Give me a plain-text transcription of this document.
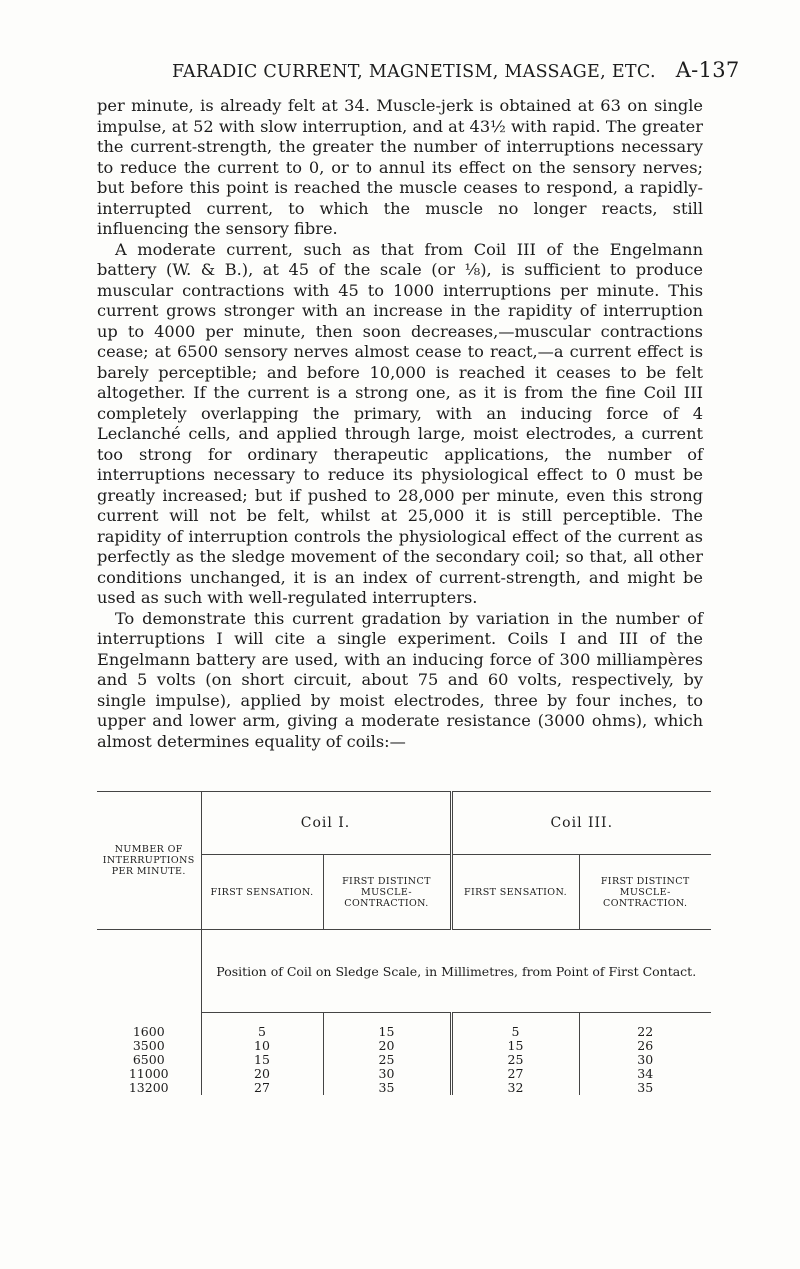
FARADIC CURRENT, MAGNETISM, MASSAGE, ETC. A-137

per minute, is already felt at 34. Muscle-jerk is obtained at 63 on single impulse, at 52 with slow interruption, and at 43½ with rapid. The greater the current-strength, the greater the number of interruptions necessary to reduce the current to 0, or to annul its effect on the sensory nerves; but before this point is reached the muscle ceases to respond, a rapidly-interrupted current, to which the muscle no longer reacts, still influencing the sensory fibre.

A moderate current, such as that from Coil III of the Engelmann battery (W. & B.), at 45 of the scale (or ⅛), is sufficient to produce muscular contractions with 45 to 1000 interruptions per minute. This current grows stronger with an increase in the rapidity of interruption up to 4000 per minute, then soon decreases,—muscular contractions cease; at 6500 sensory nerves almost cease to react,—a current effect is barely perceptible; and before 10,000 is reached it ceases to be felt altogether. If the current is a strong one, as it is from the fine Coil III completely overlapping the primary, with an inducing force of 4 Leclanché cells, and applied through large, moist electrodes, a current too strong for ordinary therapeutic applications, the number of interruptions necessary to reduce its physiological effect to 0 must be greatly increased; but if pushed to 28,000 per minute, even this strong current will not be felt, whilst at 25,000 it is still perceptible. The rapidity of interruption controls the physiological effect of the current as perfectly as the sledge movement of the secondary coil; so that, all other conditions unchanged, it is an index of current-strength, and might be used as such with well-regulated interrupters.

To demonstrate this current gradation by variation in the number of interruptions I will cite a single experiment. Coils I and III of the Engelmann battery are used, with an inducing force of 300 milliampères and 5 volts (on short circuit, about 75 and 60 volts, respectively, by single impulse), applied by moist electrodes, three by four inches, to upper and lower arm, giving a moderate resistance (3000 ohms), which almost determines equality of coils:—

NUMBER OF INTERRUPTIONS PER MINUTE.	Coil I.		Coil III.	
	FIRST SENSATION.	FIRST DISTINCT MUSCLE-CONTRACTION.	FIRST SENSATION.	FIRST DISTINCT MUSCLE-CONTRACTION.
	Position of Coil on Sledge Scale, in Millimetres, from Point of First Contact.			
1600	5	15	5	22
3500	10	20	15	26
6500	15	25	25	30
11000	20	30	27	34
13200	27	35	32	35
